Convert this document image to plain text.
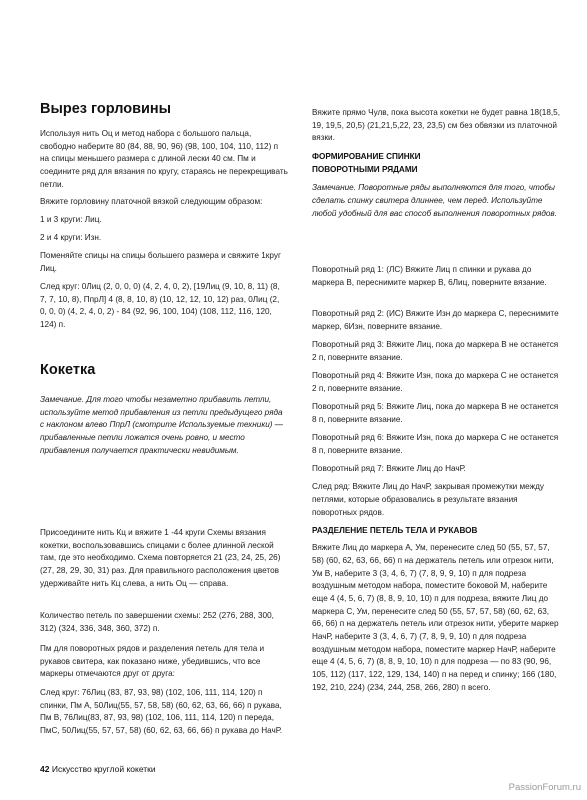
Вырез горловины

Используя нить Оц и метод набора с большого пальца, свободно наберите 80 (84, 88, 90, 96) (98, 100, 104, 110, 112) п на спицы меньшего размера с длиной лески 40 см. Пм и соедините ряд для вязания по кругу, стараясь не перекрещивать петли.

Вяжите горловину платочной вязкой следующим образом:

1 и 3 круги: Лиц.

2 и 4 круги: Изн.

Поменяйте спицы на спицы большего размера и свяжите 1круг Лиц.

След круг: 0Лиц (2, 0, 0, 0) (4, 2, 4, 0, 2), [19Лиц (9, 10, 8, 11) (8, 7, 7, 10, 8), ПпрЛ] 4 (8, 8, 10, 8) (10, 12, 12, 10, 12) раз, 0Лиц (2, 0, 0, 0) (4, 2, 4, 0, 2) - 84 (92, 96, 100, 104) (108, 112, 116, 120, 124) п.

Кокетка

Замечание. Для того чтобы незаметно прибавить петли, используйте метод прибавления из петли предыдущего ряда с наклоном влево ПпрЛ (смотрите Используемые техники) — прибавленные петли ложатся очень ровно, и место прибавления получается практически невидимым.

Присоедините нить Кц и вяжите 1 -44 круги Схемы вязания кокетки, воспользовавшись спицами с более длинной леской там, где это необходимо. Схема повторяется 21 (23, 24, 25, 26) (27, 28, 29, 30, 31) раз. Для правильного расположения цветов удерживайте нить Кц слева, а нить Оц — справа.

Количество петель по завершении схемы: 252 (276, 288, 300, 312) (324, 336, 348, 360, 372) п.

Пм для поворотных рядов и разделения петель для тела и рукавов свитера, как показано ниже, убедившись, что все маркеры отмечаются друг от друга:

След круг: 76Лиц (83, 87, 93, 98) (102, 106, 111, 114, 120) п спинки, Пм А, 50Лиц(55, 57, 58, 58) (60, 62, 63, 66, 66) п рукава, Пм В, 76Лиц(83, 87, 93, 98) (102, 106, 111, 114, 120) п переда, ПмС, 50Лиц(55, 57, 57, 58) (60, 62, 63, 66, 66) п рукава до НачР.

Вяжите прямо Чулв, пока высота кокетки не будет равна 18(18,5, 19, 19,5, 20,5) (21,21,5,22, 23, 23,5) см без обвязки из платочной вязки.

ФОРМИРОВАНИЕ СПИНКИ

ПОВОРОТНЫМИ РЯДАМИ

Замечание. Поворотные ряды выполняются для того, чтобы сделать спинку свитера длиннее, чем перед. Используйте любой удобный для вас способ выполнения поворотных рядов.

Поворотный ряд 1: (ЛС) Вяжите Лиц п спинки и рукава до маркера В, переснимите маркер В, 6Лиц, поверните вязание.

Поворотный ряд 2: (ИС) Вяжите Изн до маркера С, переснимите маркер, 6Изн, поверните вязание.

Поворотный ряд 3: Вяжите Лиц, пока до маркера В не останется 2 п, поверните вязание.

Поворотный ряд 4: Вяжите Изн, пока до маркера С не останется 2 п, поверните вязание.

Поворотный ряд 5: Вяжите Лиц, пока до маркера В не останется 8 п, поверните вязание.

Поворотный ряд 6: Вяжите Изн, пока до маркера С не останется 8 п, поверните вязание.

Поворотный ряд 7: Вяжите Лиц до НачР.

След ряд: Вяжите Лиц до НачР, закрывая промежутки между петлями, которые образовались в результате вязания поворотных рядов.

РАЗДЕЛЕНИЕ ПЕТЕЛЬ ТЕЛА И РУКАВОВ

Вяжите Лиц до маркера А, Ум, перенесите след 50 (55, 57, 57, 58) (60, 62, 63, 66, 66) п на держатель петель или отрезок нити, Ум В, наберите 3 (3, 4, 6, 7) (7, 8, 9, 9, 10) п для подреза воздушным методом набора, поместите боковой М, наберите еще 4 (4, 5, 6, 7) (8, 8, 9, 10, 10) п для подреза, вяжите Лиц до маркера С, Ум, перенесите след 50 (55, 57, 57, 58) (60, 62, 63, 66, 66) п на держатель петель или отрезок нити, уберите маркер НачР, наберите 3 (3, 4, 6, 7) (7, 8, 9, 9, 10) п для подреза воздушным методом набора, поместите маркер НачР, наберите еще 4 (4, 5, 6, 7) (8, 8, 9, 10, 10) п для подреза — по 83 (90, 96, 105, 112) (117, 122, 129, 134, 140) п на перед и спинку; 166 (180, 192, 210, 224) (234, 244, 258, 266, 280) п всего.

42 Искусство круглой кокетки
PassionForum.ru
